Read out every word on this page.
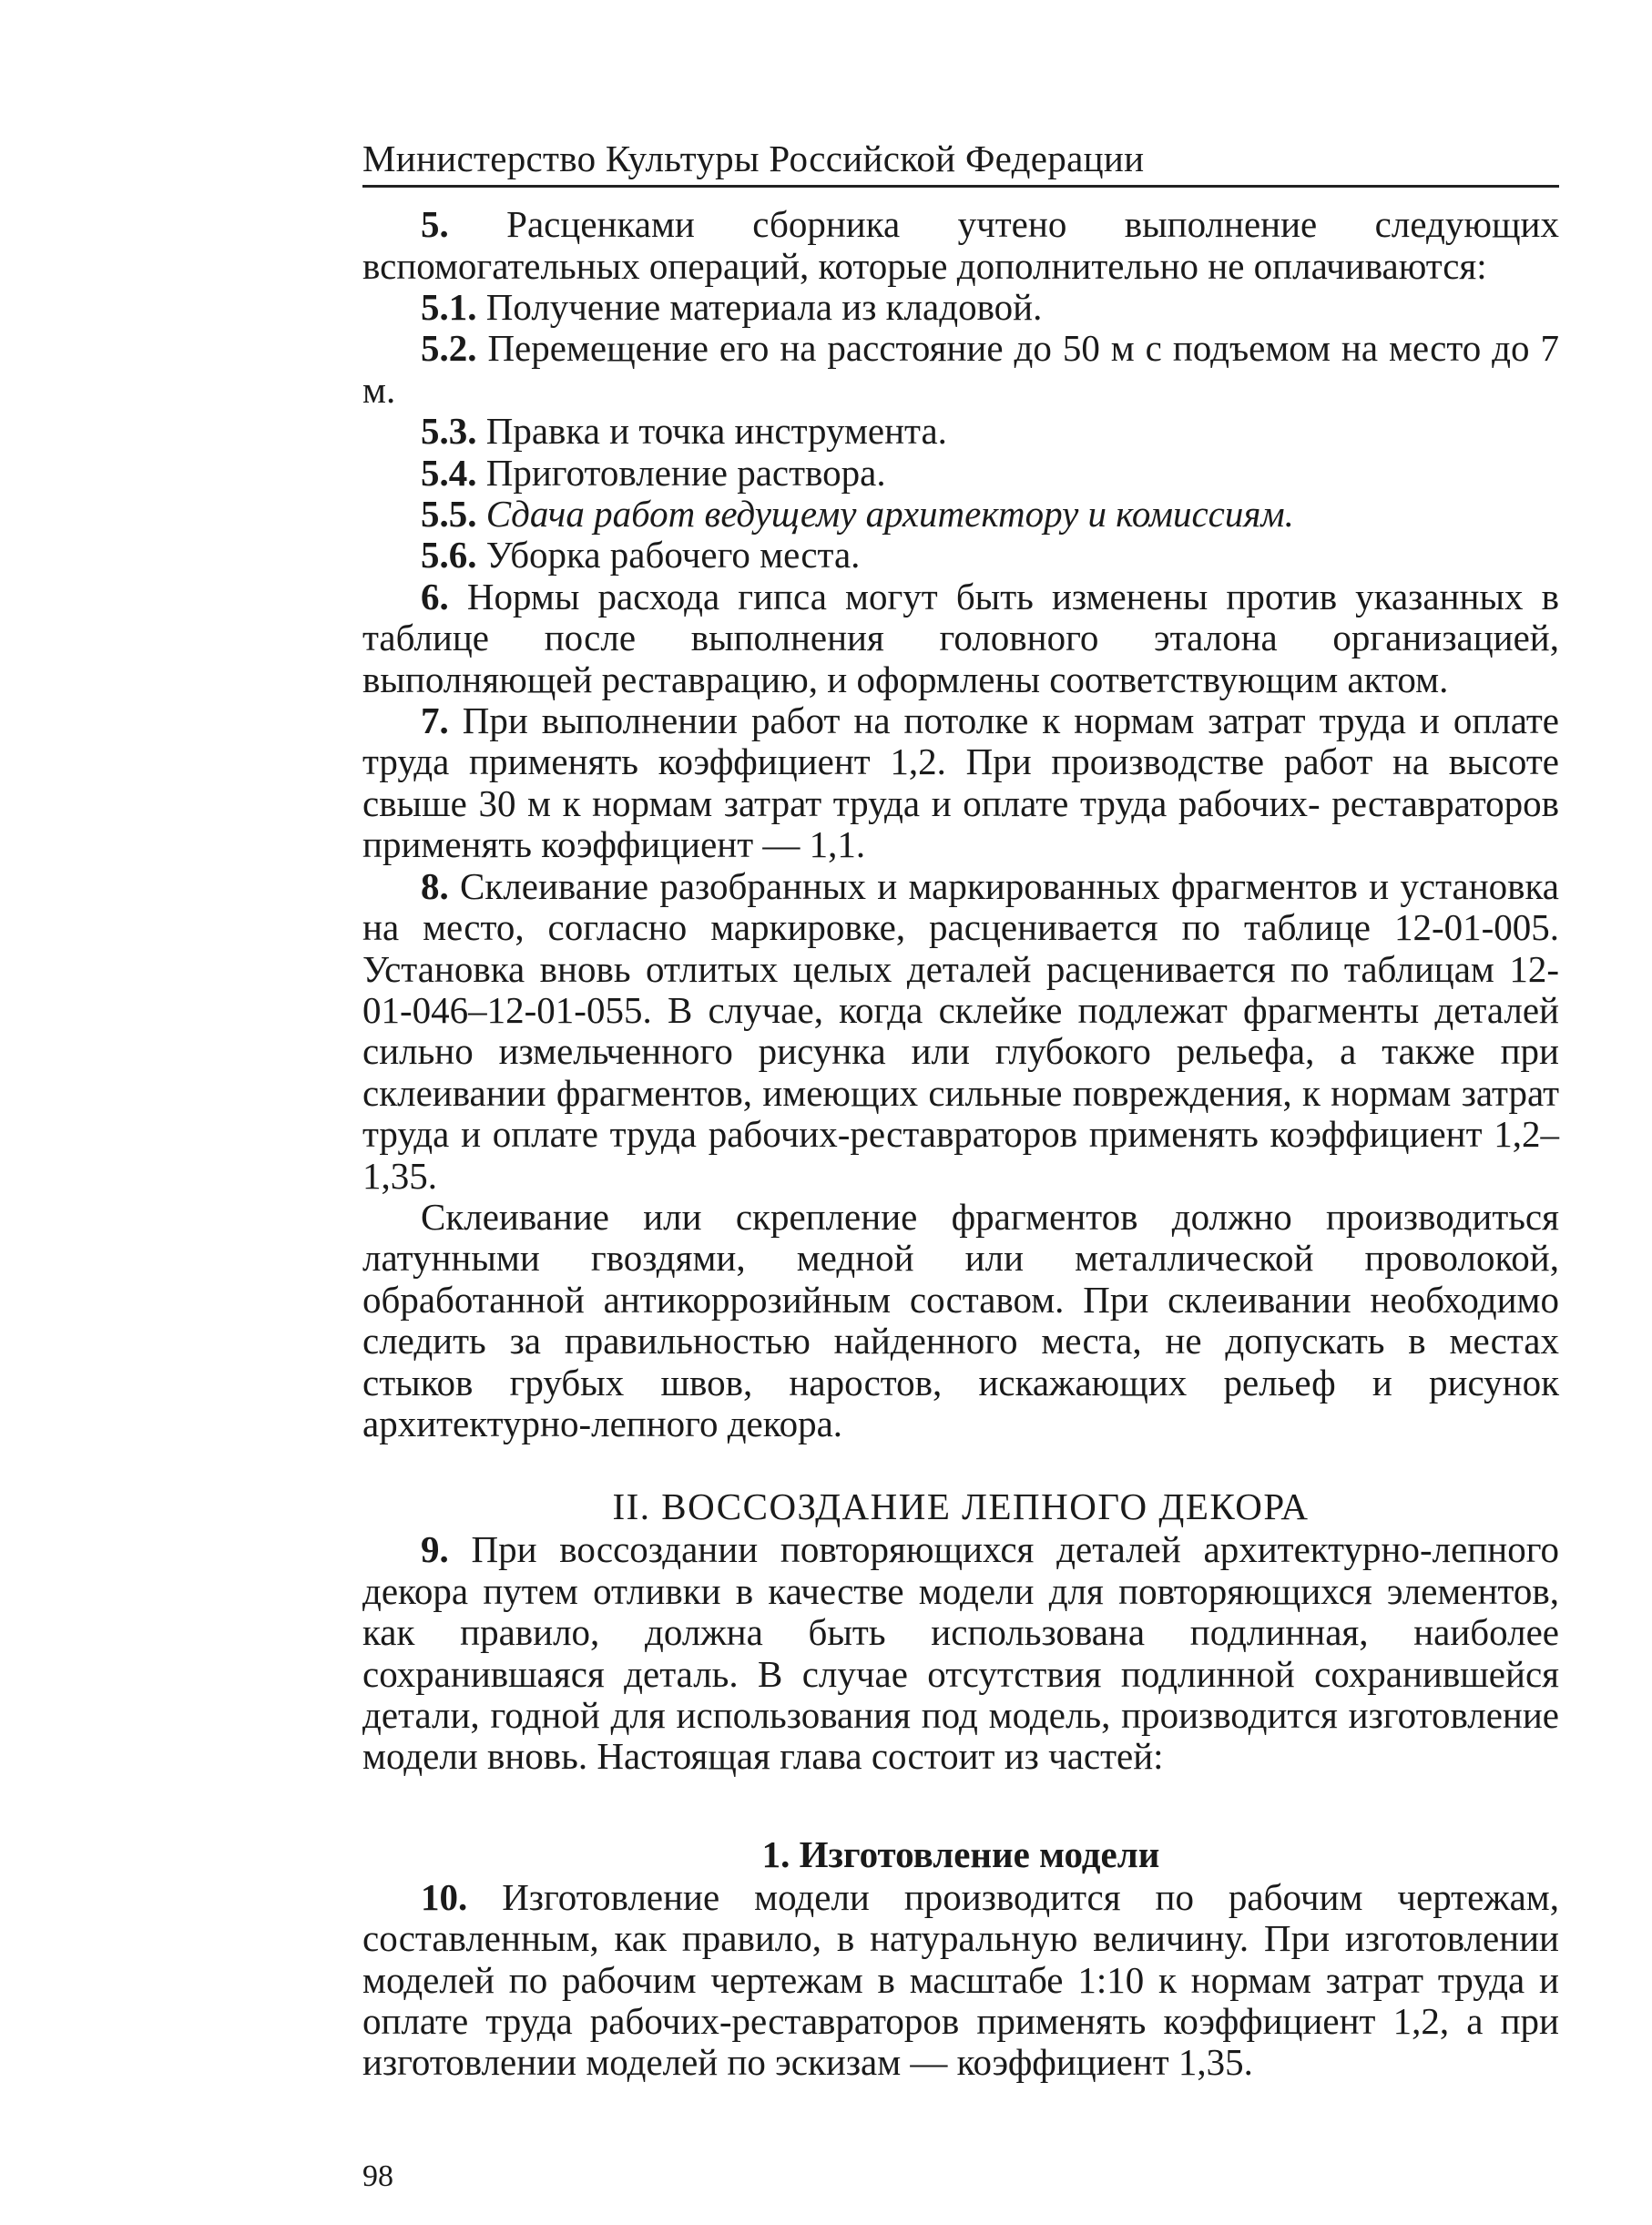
Министерство Культуры Российской Федерации

5. Расценками сборника учтено выполнение следующих вспомогательных операций, которые дополнительно не оплачиваются:

5.1. Получение материала из кладовой.

5.2. Перемещение его на расстояние до 50 м с подъемом на место до 7 м.

5.3. Правка и точка инструмента.

5.4. Приготовление раствора.

5.5. Сдача работ ведущему архитектору и комиссиям.

5.6. Уборка рабочего места.

6. Нормы расхода гипса могут быть изменены против указанных в таблице после выполнения головного эталона организацией, выполняющей реставрацию, и оформлены соответствующим актом.

7. При выполнении работ на потолке к нормам затрат труда и оплате труда применять коэффициент 1,2. При производстве работ на высоте свыше 30 м к нормам затрат труда и оплате труда рабочих- реставраторов применять коэффициент — 1,1.

8. Склеивание разобранных и маркированных фрагментов и установка на место, согласно маркировке, расценивается по таблице 12-01-005. Установка вновь отлитых целых деталей расценивается по таблицам 12-01-046–12-01-055. В случае, когда склейке подлежат фрагменты деталей сильно измельченного рисунка или глубокого рельефа, а также при склеивании фрагментов, имеющих сильные повреждения, к нормам затрат труда и оплате труда рабочих-реставраторов применять коэффициент 1,2–1,35.

Склеивание или скрепление фрагментов должно производиться латунными гвоздями, медной или металлической проволокой, обработанной антикоррозийным составом. При склеивании необходимо следить за правильностью найденного места, не допускать в местах стыков грубых швов, наростов, искажающих рельеф и рисунок архитектурно-лепного декора.

II. ВОССОЗДАНИЕ ЛЕПНОГО ДЕКОРА

9. При воссоздании повторяющихся деталей архитектурно-лепного декора путем отливки в качестве модели для повторяющихся элементов, как правило, должна быть использована подлинная, наиболее сохранившаяся деталь. В случае отсутствия подлинной сохранившейся детали, годной для использования под модель, производится изготовление модели вновь. Настоящая глава состоит из частей:

1. Изготовление модели

10. Изготовление модели производится по рабочим чертежам, составленным, как правило, в натуральную величину. При изготовлении моделей по рабочим чертежам в масштабе 1:10 к нормам затрат труда и оплате труда рабочих-реставраторов применять коэффициент 1,2, а при изготовлении моделей по эскизам — коэффициент 1,35.

98
